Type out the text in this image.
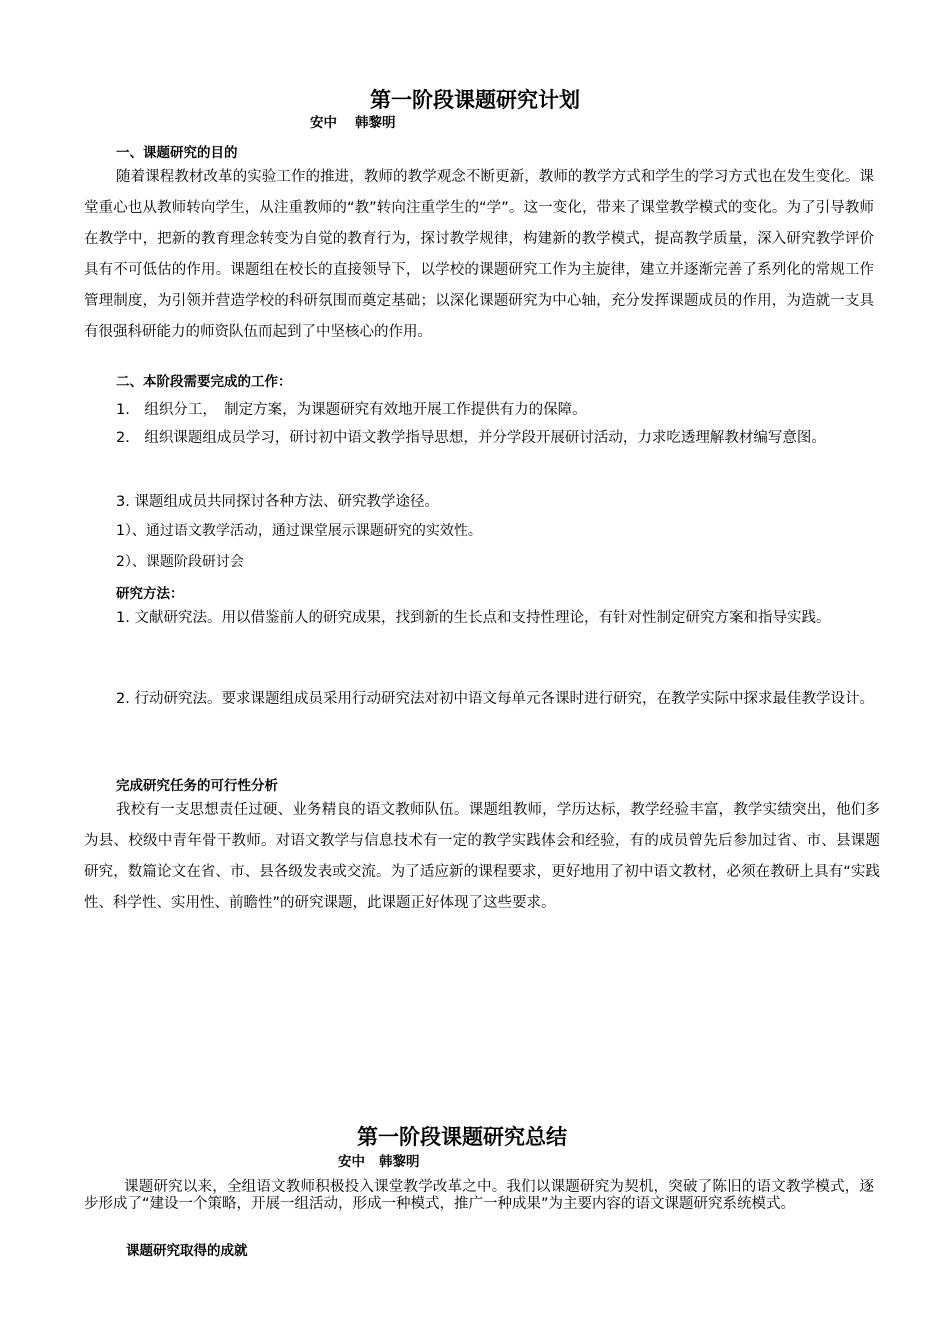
第一阶段课题研究计划
安中 韩黎明
一、课题研究的目的
随着课程教材改革的实验工作的推进，教师的教学观念不断更新，教师的教学方式和学生的学习方式也在发生变化。课堂重心也从教师转向学生，从注重教师的“教”转向注重学生的“学”。这一变化，带来了课堂教学模式的变化。为了引导教师在教学中，把新的教育理念转变为自觉的教育行为，探讨教学规律，构建新的教学模式，提高教学质量，深入研究教学评价具有不可低估的作用。课题组在校长的直接领导下，以学校的课题研究工作为主旋律，建立并逐渐完善了系列化的常规工作管理制度，为引领并营造学校的科研氛围而奠定基础；以深化课题研究为中心轴，充分发挥课题成员的作用，为造就一支具有很强科研能力的师资队伍而起到了中坚核心的作用。
二、本阶段需要完成的工作：
1.　组织分工，　制定方案，为课题研究有效地开展工作提供有力的保障。
2.　组织课题组成员学习，研讨初中语文教学指导思想，并分学段开展研讨活动，力求吃透理解教材编写意图。
3. 课题组成员共同探讨各种方法、研究教学途径。
1）、通过语文教学活动，通过课堂展示课题研究的实效性。
2）、课题阶段研讨会
研究方法：
1. 文献研究法。用以借鉴前人的研究成果，找到新的生长点和支持性理论，有针对性制定研究方案和指导实践。
2. 行动研究法。要求课题组成员采用行动研究法对初中语文每单元各课时进行研究，在教学实际中探求最佳教学设计。
完成研究任务的可行性分析
我校有一支思想责任过硬、业务精良的语文教师队伍。课题组教师，学历达标，教学经验丰富，教学实绩突出，他们多为县、校级中青年骨干教师。对语文教学与信息技术有一定的教学实践体会和经验，有的成员曾先后参加过省、市、县课题研究，数篇论文在省、市、县各级发表或交流。为了适应新的课程要求，更好地用了初中语文教材，必须在教研上具有“实践性、科学性、实用性、前瞻性”的研究课题，此课题正好体现了这些要求。
第一阶段课题研究总结
安中 韩黎明
课题研究以来，全组语文教师积极投入课堂教学改革之中。我们以课题研究为契机，突破了陈旧的语文教学模式，逐步形成了“建设一个策略，开展一组活动，形成一种模式，推广一种成果”为主要内容的语文课题研究系统模式。
课题研究取得的成就
